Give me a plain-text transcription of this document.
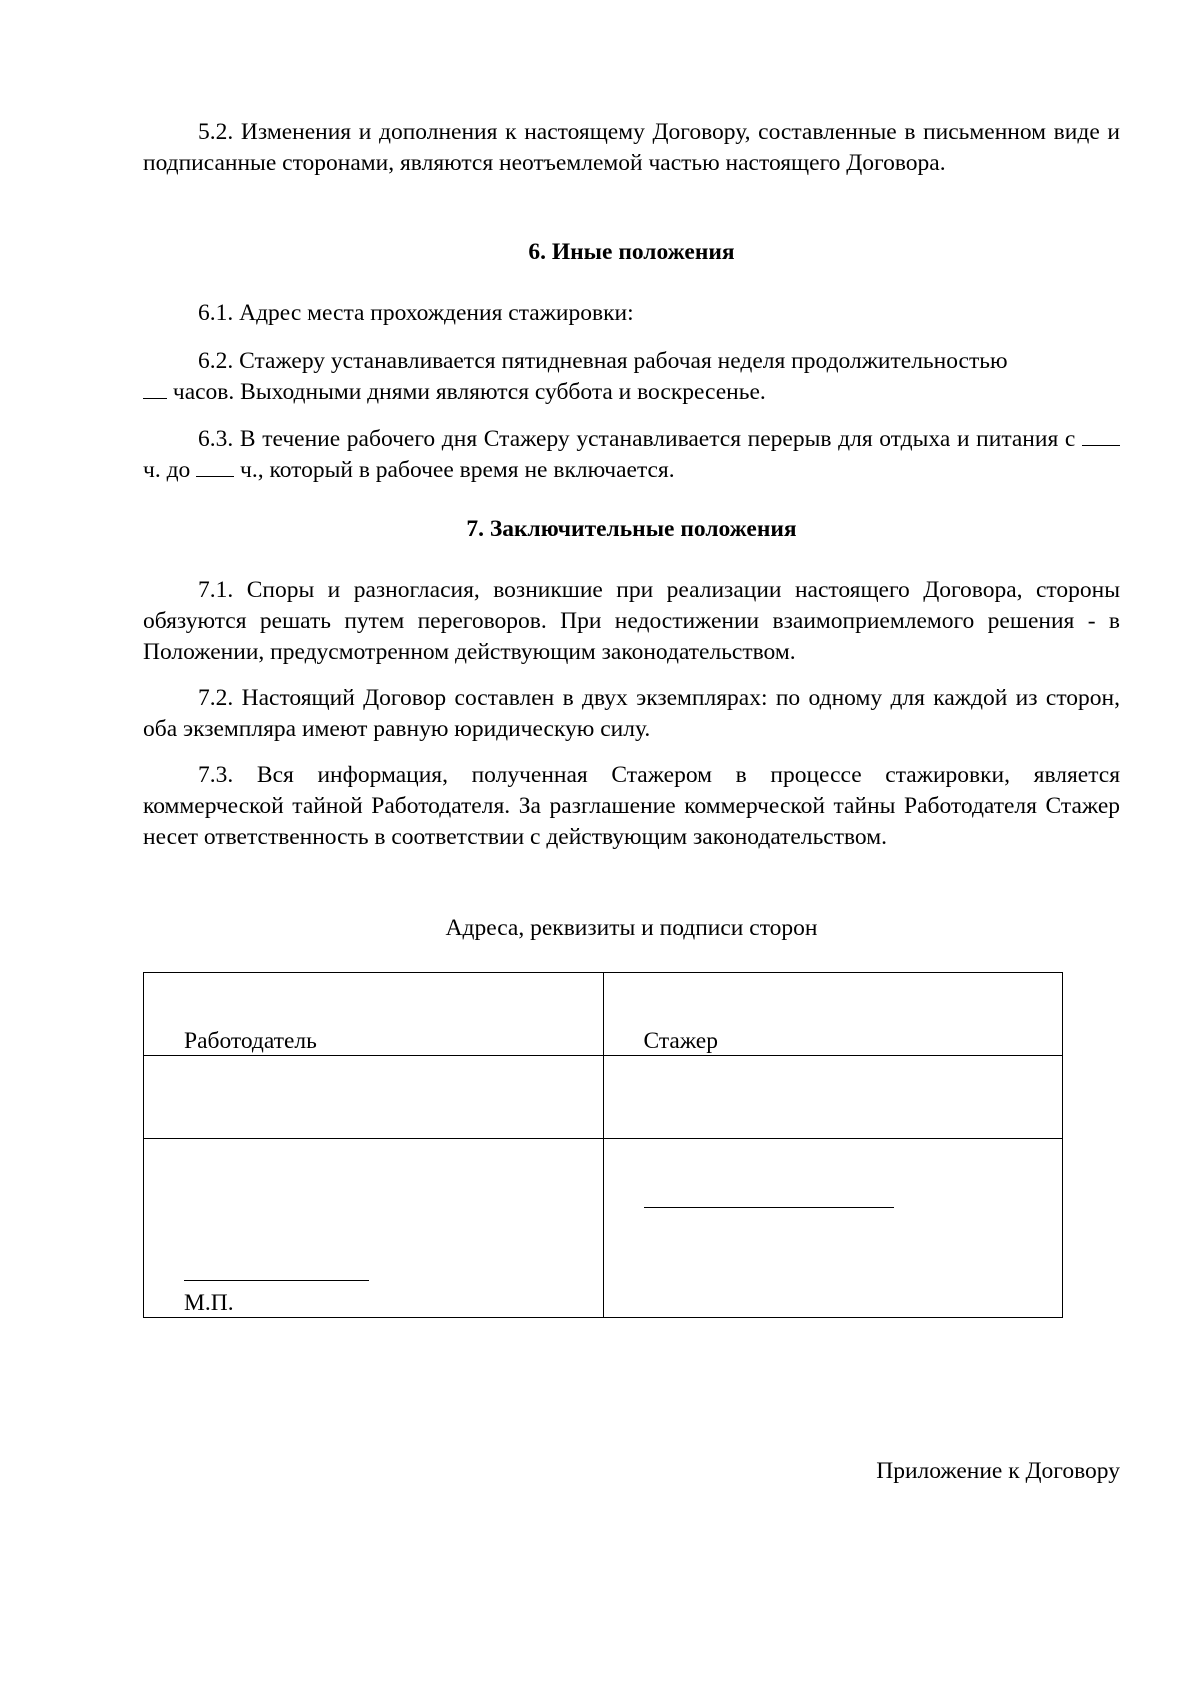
5.2. Изменения и дополнения к настоящему Договору, составленные в письменном виде и подписанные сторонами, являются неотъемлемой частью настоящего Договора.

6. Иные положения

6.1. Адрес места прохождения стажировки:

6.2. Стажеру устанавливается пятидневная рабочая неделя продолжительностью
часов. Выходными днями являются суббота и воскресенье.

6.3. В течение рабочего дня Стажеру устанавливается перерыв для отдыха и питания с  ч. до  ч., который в рабочее время не включается.

7. Заключительные положения

7.1. Споры и разногласия, возникшие при реализации настоящего Договора, стороны обязуются решать путем переговоров. При недостижении взаимоприемлемого решения - в Положении, предусмотренном действующим законодательством.

7.2. Настоящий Договор составлен в двух экземплярах: по одному для каждой из сторон, оба экземпляра имеют равную юридическую силу.

7.3. Вся информация, полученная Стажером в процессе стажировки, является коммерческой тайной Работодателя. За разглашение коммерческой тайны Работодателя Стажер несет ответственность в соответствии с действующим законодательством.

Адреса, реквизиты и подписи сторон

Работодатель	Стажер

М.П.	

Приложение к Договору
